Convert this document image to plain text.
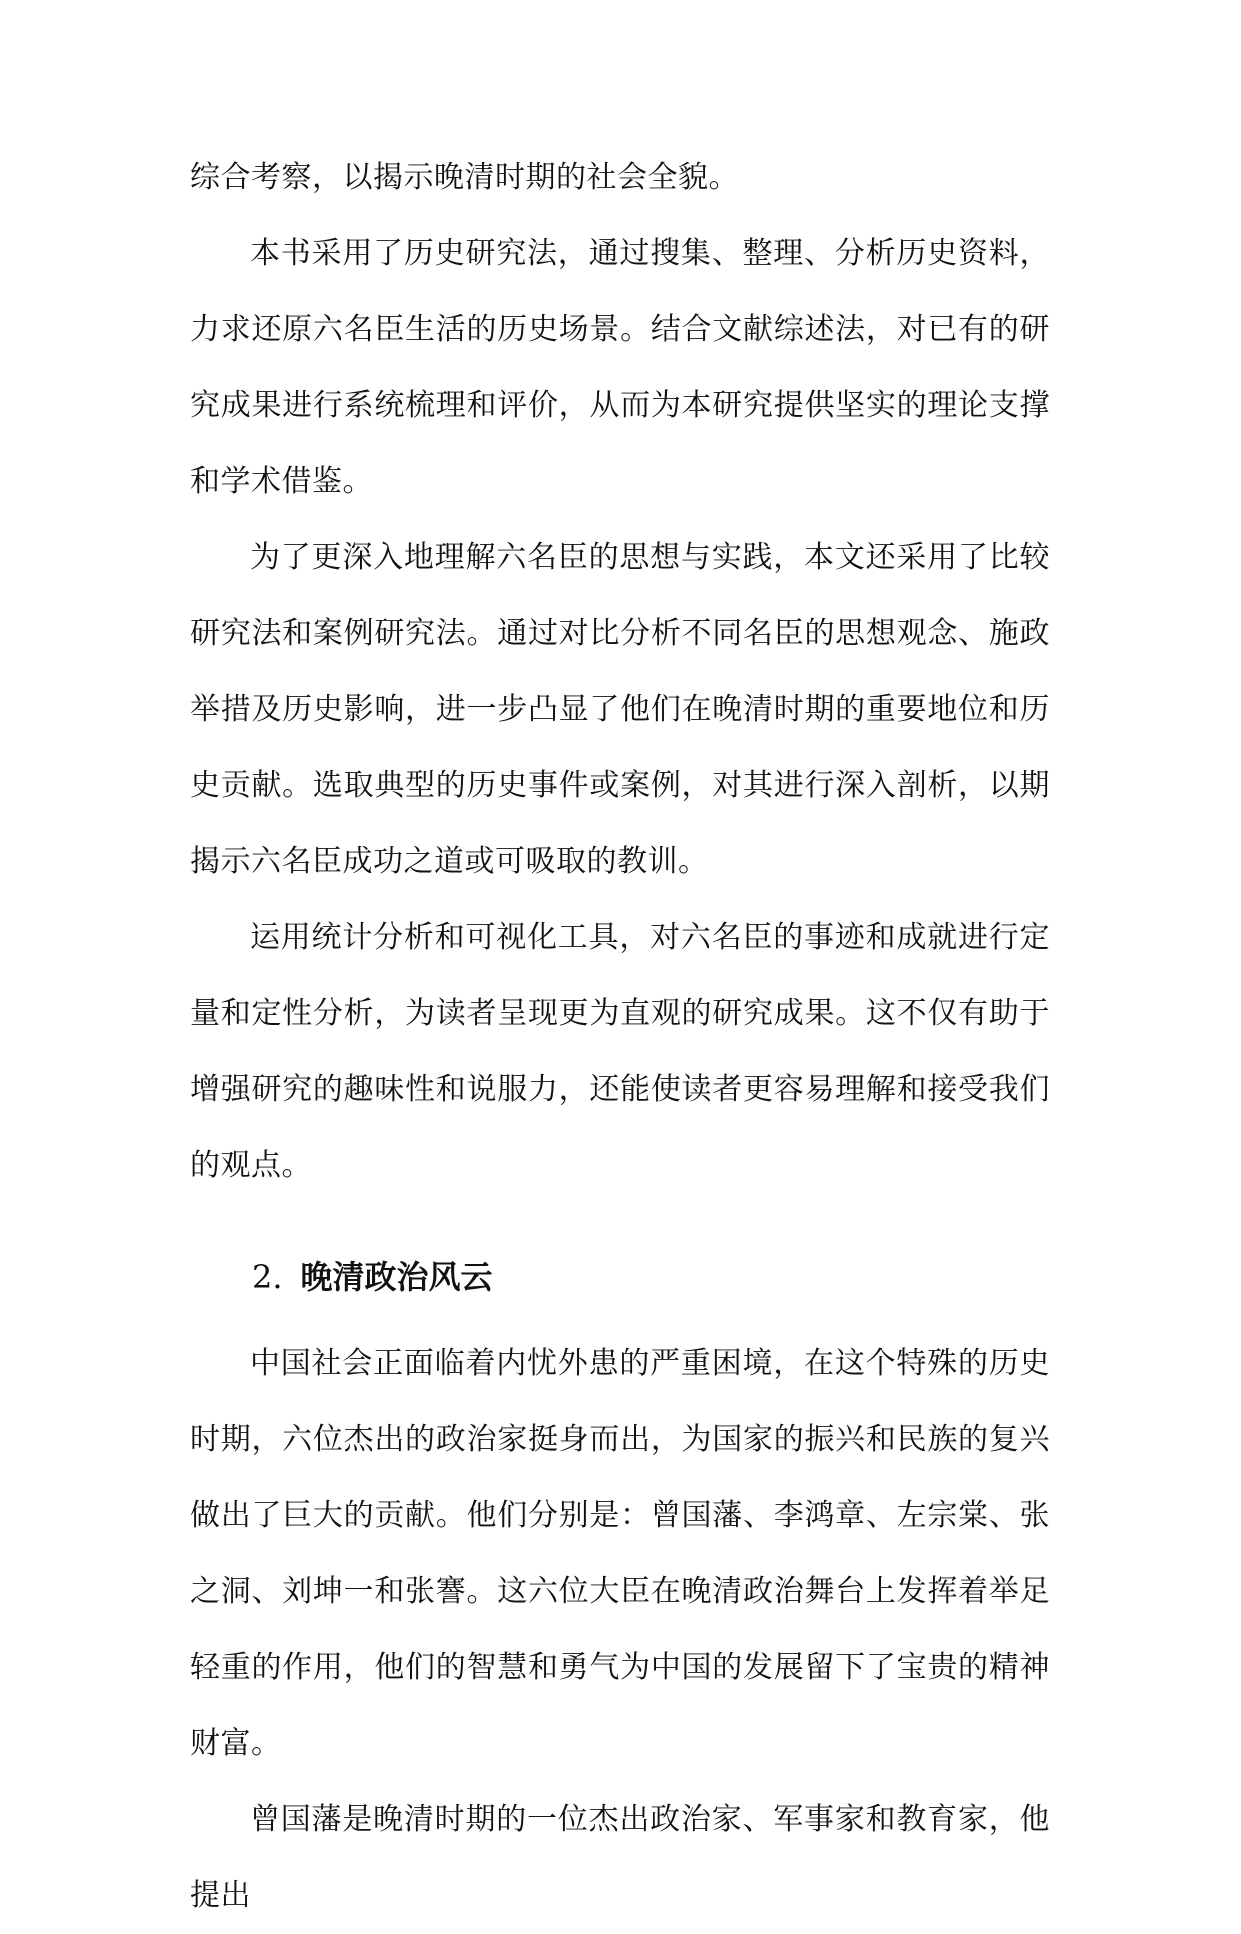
综合考察，以揭示晚清时期的社会全貌。

本书采用了历史研究法，通过搜集、整理、分析历史资料，力求还原六名臣生活的历史场景。结合文献综述法，对已有的研究成果进行系统梳理和评价，从而为本研究提供坚实的理论支撑和学术借鉴。

为了更深入地理解六名臣的思想与实践，本文还采用了比较研究法和案例研究法。通过对比分析不同名臣的思想观念、施政举措及历史影响，进一步凸显了他们在晚清时期的重要地位和历史贡献。选取典型的历史事件或案例，对其进行深入剖析，以期揭示六名臣成功之道或可吸取的教训。

运用统计分析和可视化工具，对六名臣的事迹和成就进行定量和定性分析，为读者呈现更为直观的研究成果。这不仅有助于增强研究的趣味性和说服力，还能使读者更容易理解和接受我们的观点。

2. 晚清政治风云

中国社会正面临着内忧外患的严重困境，在这个特殊的历史时期，六位杰出的政治家挺身而出，为国家的振兴和民族的复兴做出了巨大的贡献。他们分别是：曾国藩、李鸿章、左宗棠、张之洞、刘坤一和张謇。这六位大臣在晚清政治舞台上发挥着举足轻重的作用，他们的智慧和勇气为中国的发展留下了宝贵的精神财富。

曾国藩是晚清时期的一位杰出政治家、军事家和教育家，他提出
